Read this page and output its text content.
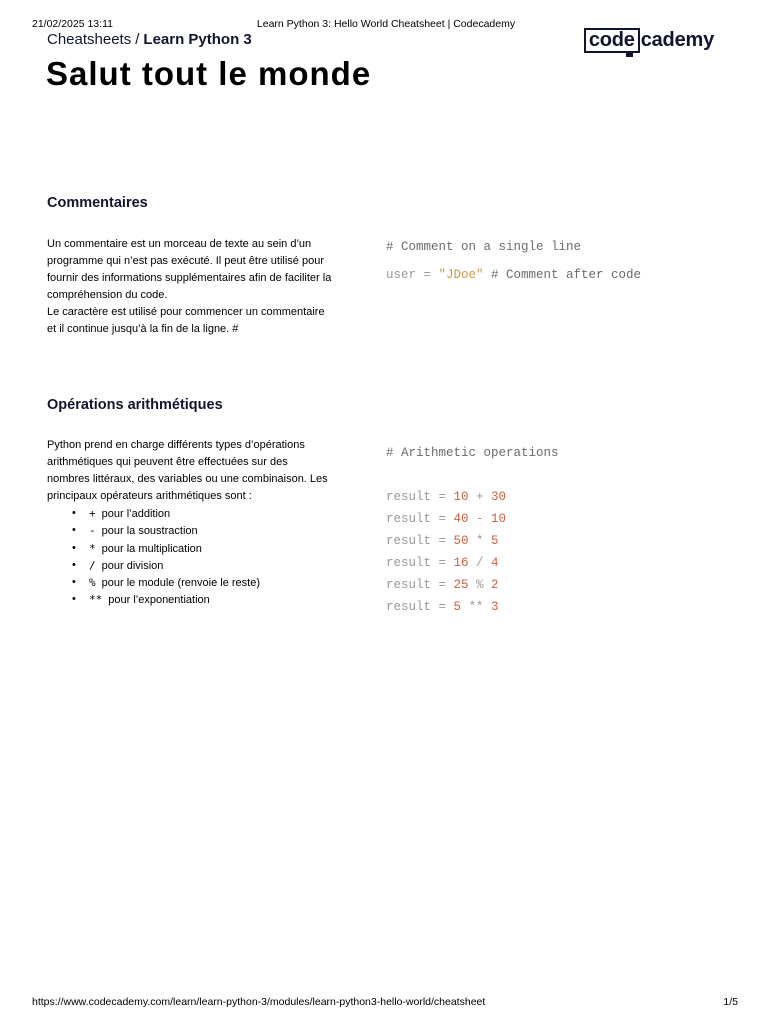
21/02/2025 13:11	Learn Python 3: Hello World Cheatsheet | Codecademy
Cheatsheets / Learn Python 3	code cademy
Salut tout le monde
Commentaires

Un commentaire est un morceau de texte au sein d’un programme qui n’est pas exécuté. Il peut être utilisé pour fournir des informations supplémentaires afin de faciliter la compréhension du code.

Le caractère est utilisé pour commencer un commentaire et il continue jusqu’à la fin de la ligne. #

# Comment on a single line

user = "JDoe" # Comment after code
Opérations arithmétiques

Python prend en charge différents types d’opérations arithmétiques qui peuvent être effectuées sur des nombres littéraux, des variables ou une combinaison. Les principaux opérateurs arithmétiques sont :

• + pour l’addition
• - pour la soustraction
• * pour la multiplication
• / pour division
• % pour le module (renvoie le reste)
• ** pour l’exponentiation
# Arithmetic operations

result = 10 + 30
result = 40 - 10
result = 50 * 5
result = 16 / 4
result = 25 % 2
result = 5 ** 3
https://www.codecademy.com/learn/learn-python-3/modules/learn-python3-hello-world/cheatsheet	1/5
